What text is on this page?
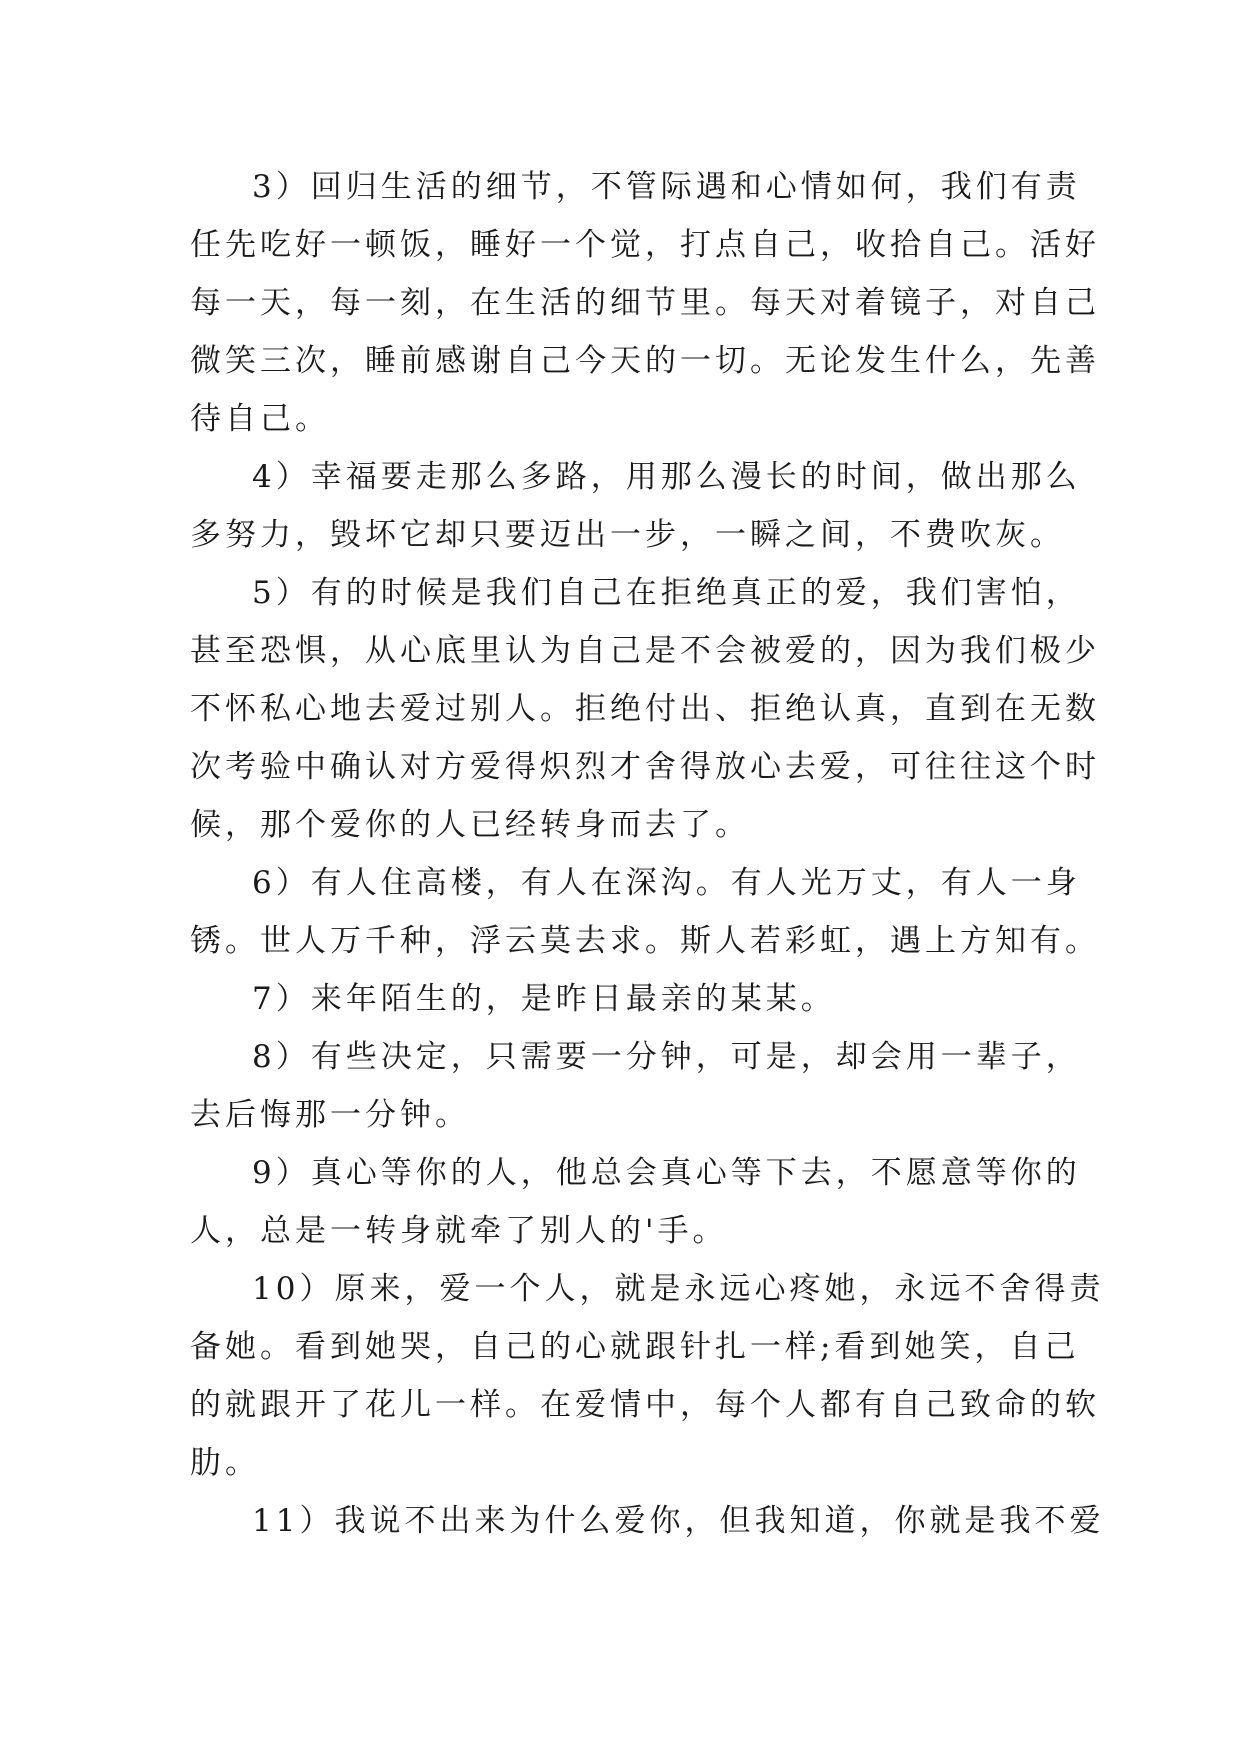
3）回归生活的细节，不管际遇和心情如何，我们有责
任先吃好一顿饭，睡好一个觉，打点自己，收拾自己。活好
每一天，每一刻，在生活的细节里。每天对着镜子，对自己
微笑三次，睡前感谢自己今天的一切。无论发生什么，先善
待自己。
4）幸福要走那么多路，用那么漫长的时间，做出那么
多努力，毁坏它却只要迈出一步，一瞬之间，不费吹灰。
5）有的时候是我们自己在拒绝真正的爱，我们害怕，
甚至恐惧，从心底里认为自己是不会被爱的，因为我们极少
不怀私心地去爱过别人。拒绝付出、拒绝认真，直到在无数
次考验中确认对方爱得炽烈才舍得放心去爱，可往往这个时
候，那个爱你的人已经转身而去了。
6）有人住高楼，有人在深沟。有人光万丈，有人一身
锈。世人万千种，浮云莫去求。斯人若彩虹，遇上方知有。
7）来年陌生的，是昨日最亲的某某。
8）有些决定，只需要一分钟，可是，却会用一辈子，
去后悔那一分钟。
9）真心等你的人，他总会真心等下去，不愿意等你的
人，总是一转身就牵了别人的'手。
10）原来，爱一个人，就是永远心疼她，永远不舍得责
备她。看到她哭，自己的心就跟针扎一样;看到她笑，自己
的就跟开了花儿一样。在爱情中，每个人都有自己致命的软
肋。
11）我说不出来为什么爱你，但我知道，你就是我不爱
